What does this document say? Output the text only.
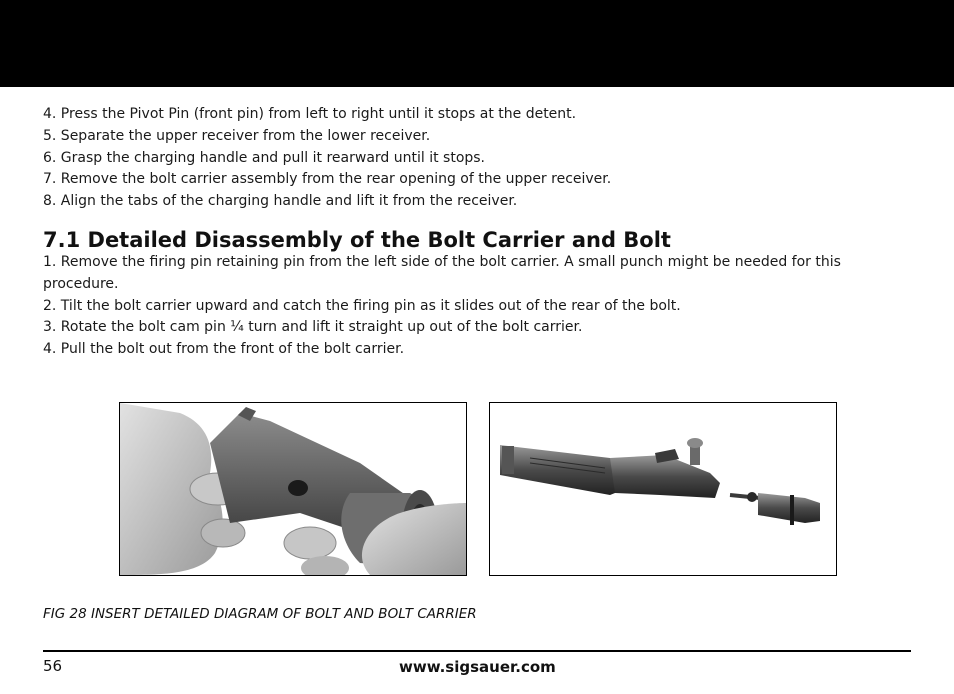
4. Press the Pivot Pin (front pin) from left to right until it stops at the detent.

5. Separate the upper receiver from the lower receiver.

6. Grasp the charging handle and pull it rearward until it stops.

7. Remove the bolt carrier assembly from the rear opening of the upper receiver.

8. Align the tabs of the charging handle and lift it from the receiver.

7.1 Detailed Disassembly of the Bolt Carrier and Bolt

1. Remove the firing pin retaining pin from the left side of the bolt carrier. A small punch might be needed for this

procedure.

2. Tilt the bolt carrier upward and catch the firing pin as it slides out of the rear of the bolt.

3. Rotate the bolt cam pin ¼ turn and lift it straight up out of the bolt carrier.

4. Pull the bolt out from the front of the bolt carrier.

FIG 28 INSERT DETAILED DIAGRAM OF BOLT AND BOLT CARRIER
56	www.sigsauer.com
